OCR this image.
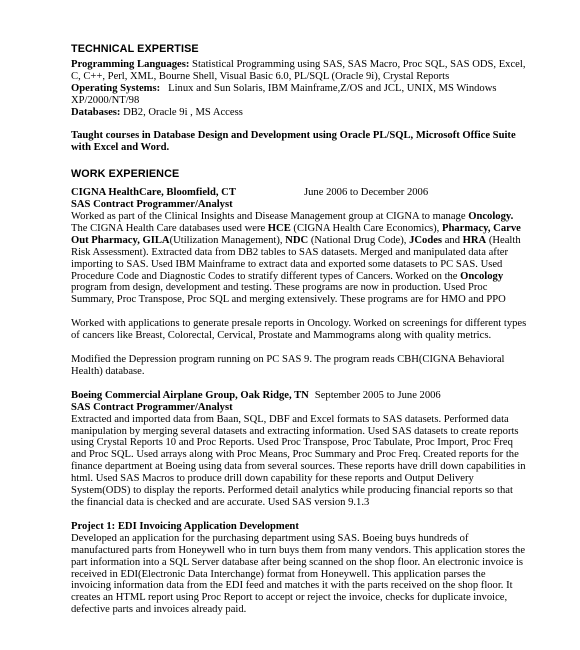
TECHNICAL EXPERTISE

Programming Languages: Statistical Programming using SAS, SAS Macro, Proc SQL, SAS ODS, Excel, C, C++, Perl, XML, Bourne Shell, Visual Basic 6.0, PL/SQL (Oracle 9i), Crystal Reports

Operating Systems:   Linux and Sun Solaris, IBM Mainframe,Z/OS and JCL, UNIX, MS Windows XP/2000/NT/98

Databases: DB2, Oracle 9i , MS Access

Taught courses in Database Design and Development using Oracle PL/SQL, Microsoft Office Suite with Excel and Word.

WORK EXPERIENCE
CIGNA HealthCare, Bloomfield, CT	June 2006 to December 2006

SAS Contract Programmer/Analyst

Worked as part of the Clinical Insights and Disease Management group at CIGNA to manage Oncology. The CIGNA Health Care databases used were HCE (CIGNA Health Care Economics), Pharmacy, Carve Out Pharmacy, GILA(Utilization Management), NDC (National Drug Code), JCodes and HRA (Health Risk Assessment). Extracted data from DB2 tables to SAS datasets. Merged and manipulated data after importing to SAS. Used IBM Mainframe to extract data and exported some datasets to PC SAS. Used Procedure Code and Diagnostic Codes to stratify different types of Cancers. Worked on the Oncology program from design, development and testing. These programs are now in production. Used Proc Summary, Proc Transpose, Proc SQL and merging extensively. These programs are for HMO and PPO

Worked with applications to generate presale reports in Oncology. Worked on screenings for different types of cancers like Breast, Colorectal, Cervical, Prostate and Mammograms along with quality metrics.

Modified the Depression program running on PC SAS 9. The program reads CBH(CIGNA Behavioral Health) database.

Boeing Commercial Airplane Group, Oak Ridge, TN September 2005 to June 2006

SAS Contract Programmer/Analyst

Extracted and imported data from Baan, SQL, DBF and Excel formats to SAS datasets. Performed data manipulation by merging several datasets and extracting information. Used SAS datasets to create reports using Crystal Reports 10 and Proc Reports. Used Proc Transpose, Proc Tabulate, Proc Import, Proc Freq and Proc SQL. Used arrays along with Proc Means, Proc Summary and Proc Freq. Created reports for the finance department at Boeing using data from several sources. These reports have drill down capabilities in html. Used SAS Macros to produce drill down capability for these reports and Output Delivery System(ODS) to display the reports. Performed detail analytics while producing financial reports so that the financial data is checked and are accurate. Used SAS version 9.1.3

Project 1: EDI Invoicing Application Development

Developed an application for the purchasing department using SAS. Boeing buys hundreds of manufactured parts from Honeywell who in turn buys them from many vendors. This application stores the part information into a SQL Server database after being scanned on the shop floor. An electronic invoice is received in EDI(Electronic Data Interchange) format from Honeywell. This application parses the invoicing information data from the EDI feed and matches it with the parts received on the shop floor. It creates an HTML report using Proc Report to accept or reject the invoice, checks for duplicate invoice, defective parts and invoices already paid.
